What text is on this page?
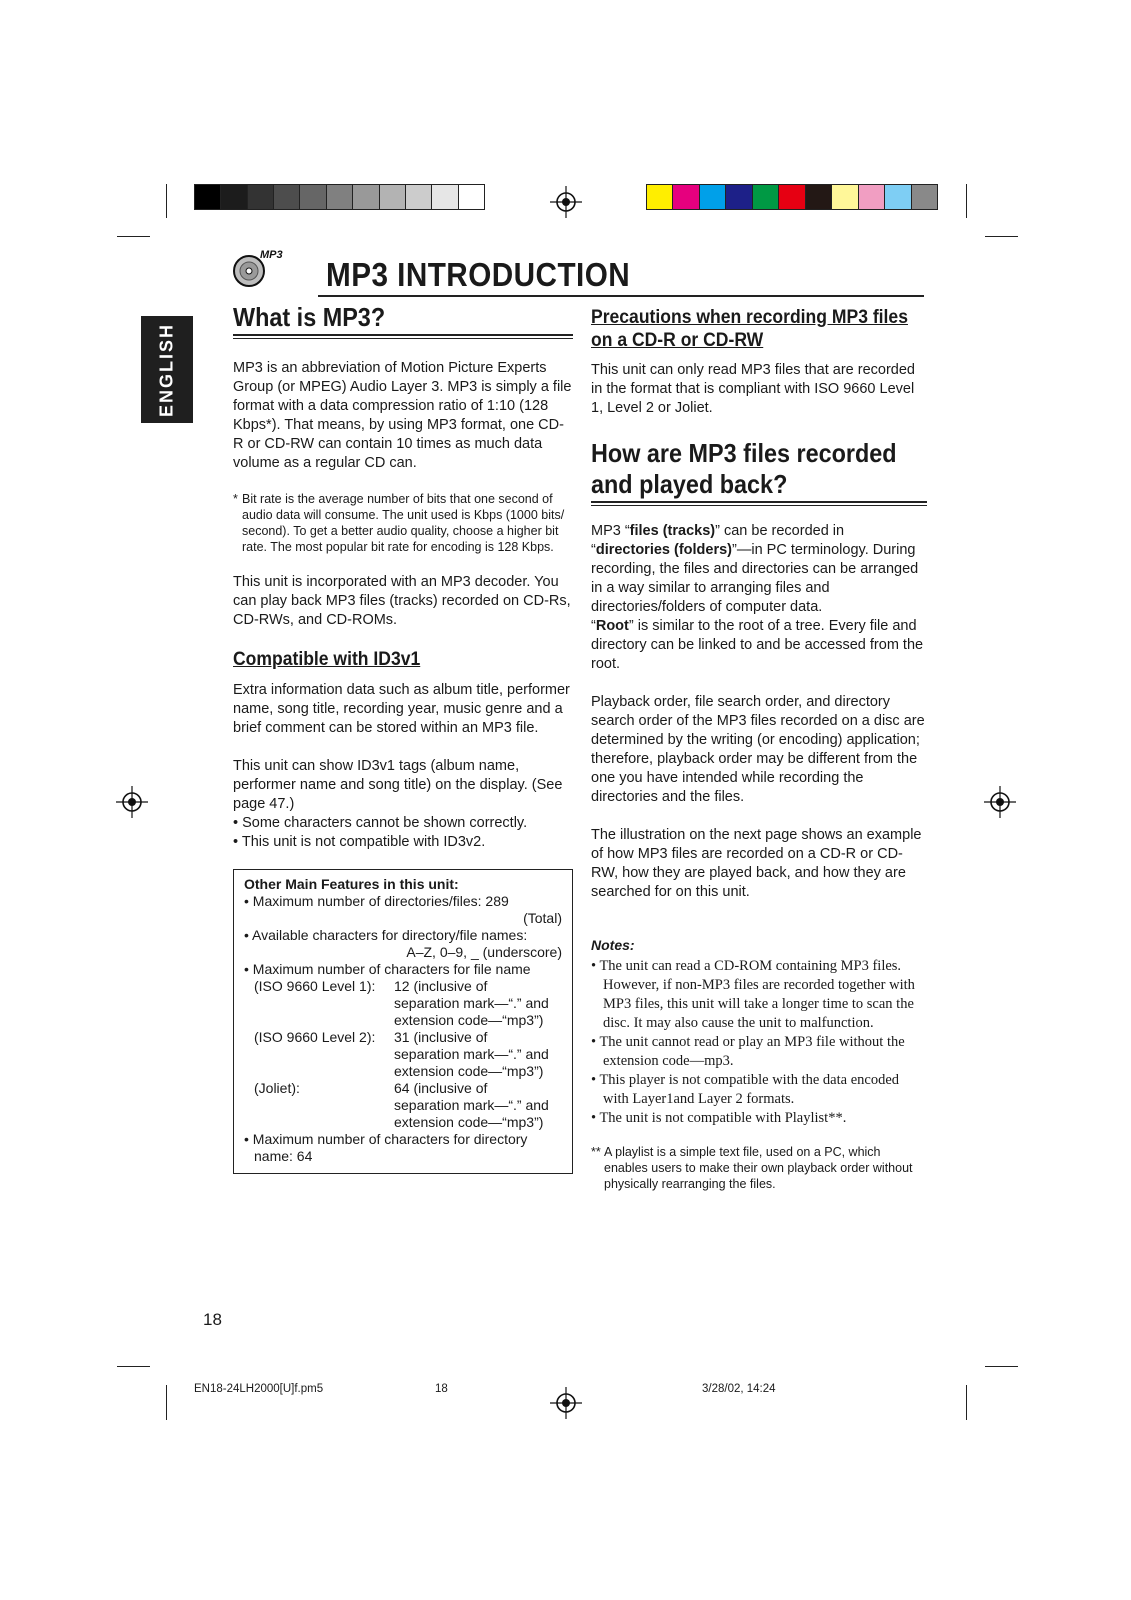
ENGLISH
MP3
MP3 INTRODUCTION
What is MP3?

MP3 is an abbreviation of Motion Picture Experts Group (or MPEG) Audio Layer 3. MP3 is simply a file format with a data compression ratio of 1:10 (128 Kbps*). That means, by using MP3 format, one CD-R or CD-RW can contain 10 times as much data volume as a regular CD can.

* Bit rate is the average number of bits that one second of audio data will consume. The unit used is Kbps (1000 bits/ second). To get a better audio quality, choose a higher bit rate. The most popular bit rate for encoding is 128 Kbps.

This unit is incorporated with an MP3 decoder. You can play back MP3 files (tracks) recorded on CD-Rs, CD-RWs, and CD-ROMs.

Compatible with ID3v1

Extra information data such as album title, performer name, song title, recording year, music genre and a brief comment can be stored within an MP3 file.

This unit can show ID3v1 tags (album name, performer name and song title) on the display. (See page 47.)

• Some characters cannot be shown correctly.
• This unit is not compatible with ID3v2.
Other Main Features in this unit:
• Maximum number of directories/files: 289
(Total)
• Available characters for directory/file names:
A–Z, 0–9, _ (underscore)
• Maximum number of characters for file name
(ISO 9660 Level 1):	12 (inclusive of
separation mark—“.” and
extension code—“mp3”)
(ISO 9660 Level 2):	31 (inclusive of
separation mark—“.” and
extension code—“mp3”)
(Joliet):	64 (inclusive of
separation mark—“.” and
extension code—“mp3”)
• Maximum number of characters for directory
name: 64
Precautions when recording MP3 files
on a CD-R or CD-RW

This unit can only read MP3 files that are recorded in the format that is compliant with ISO 9660 Level 1, Level 2 or Joliet.

How are MP3 files recorded
and played back?

MP3 “files (tracks)” can be recorded in “directories (folders)”—in PC terminology. During recording, the files and directories can be arranged in a way similar to arranging files and directories/folders of computer data.
“Root” is similar to the root of a tree. Every file and directory can be linked to and be accessed from the root.

Playback order, file search order, and directory search order of the MP3 files recorded on a disc are determined by the writing (or encoding) application; therefore, playback order may be different from the one you have intended while recording the directories and the files.

The illustration on the next page shows an example of how MP3 files are recorded on a CD-R or CD-RW, how they are played back, and how they are searched for on this unit.

Notes:
• The unit can read a CD-ROM containing MP3 files. However, if non-MP3 files are recorded together with MP3 files, this unit will take a longer time to scan the disc. It may also cause the unit to malfunction.
• The unit cannot read or play an MP3 file without the extension code—mp3.
• This player is not compatible with the data encoded with Layer1and Layer 2 formats.
• The unit is not compatible with Playlist**.
** A playlist is a simple text file, used on a PC, which enables users to make their own playback order without physically rearranging the files.
18
EN18-24LH2000[U]f.pm5	18	3/28/02, 14:24
